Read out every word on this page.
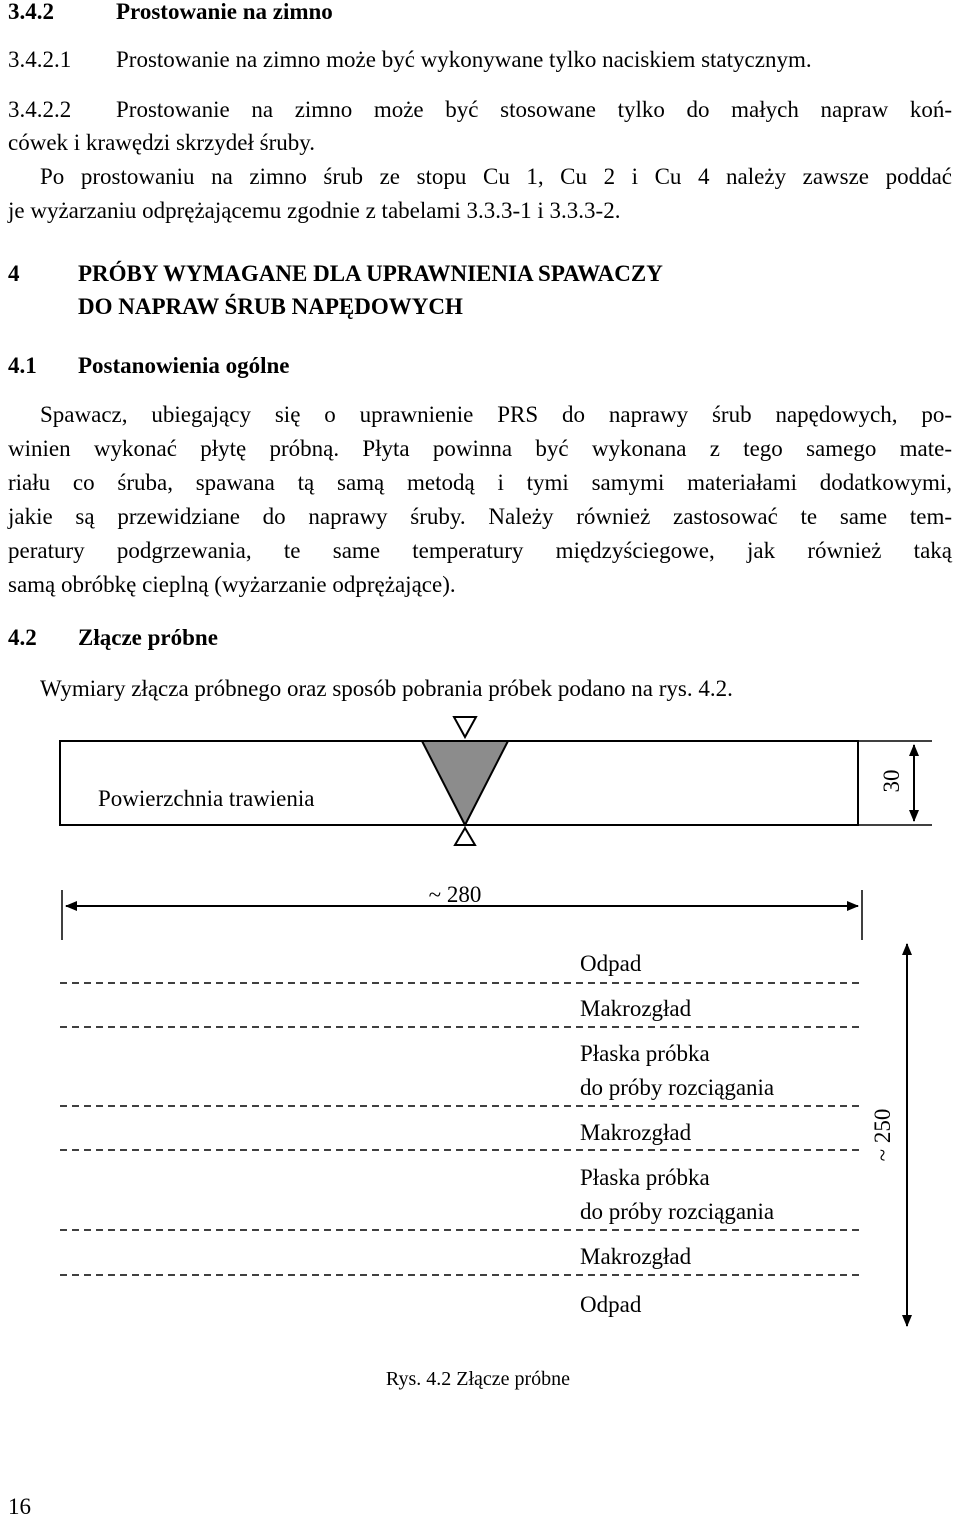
3.4.2	Prostowanie na zimno
3.4.2.1 Prostowanie na zimno może być wykonywane tylko naciskiem statycznym.
3.4.2.2 Prostowanie na zimno może być stosowane tylko do małych napraw koń-
cówek i krawędzi skrzydeł śruby.
Po prostowaniu na zimno śrub ze stopu Cu 1, Cu 2 i Cu 4 należy zawsze poddać
je wyżarzaniu odprężającemu zgodnie z tabelami 3.3.3-1 i 3.3.3-2.
4	PRÓBY WYMAGANE DLA UPRAWNIENIA SPAWACZY
DO NAPRAW ŚRUB NAPĘDOWYCH
4.1 Postanowienia ogólne
Spawacz, ubiegający się o uprawnienie PRS do naprawy śrub napędowych, po-
winien wykonać płytę próbną. Płyta powinna być wykonana z tego samego mate-
riału co śruba, spawana tą samą metodą i tymi samymi materiałami dodatkowymi,
jakie są przewidziane do naprawy śruby. Należy również zastosować te same tem-
peratury podgrzewania, te same temperatury międzyściegowe, jak również taką
samą obróbkę cieplną (wyżarzanie odprężające).
4.2 Złącze próbne
Wymiary złącza próbnego oraz sposób pobrania próbek podano na rys. 4.2.
Powierzchnia trawienia
30
~ 280
Odpad
Makrozgład
Płaska próbka
do próby rozciągania
Makrozgład
Płaska próbka
do próby rozciągania
Makrozgład
Odpad
~ 250
Rys. 4.2 Złącze próbne
16
